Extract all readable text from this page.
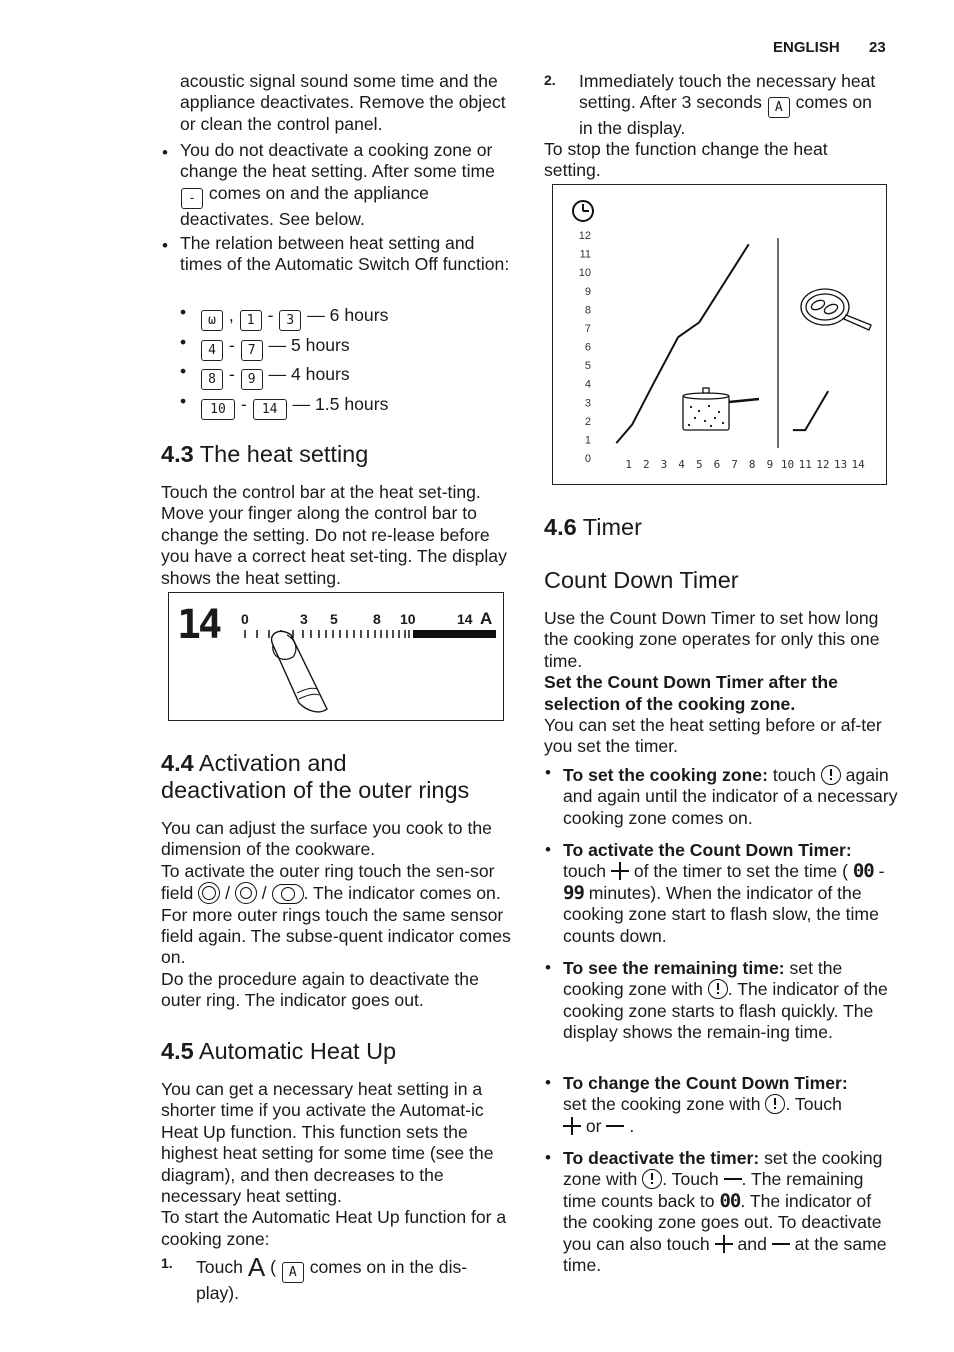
ENGLISH 23
acoustic signal sound some time and the appliance deactivates. Remove the object or clean the control panel.
• You do not deactivate a cooking zone or change the heat setting. After some time - comes on and the appliance deactivates. See below.
• The relation between heat setting and times of the Automatic Switch Off function:
•	ω , 1 - 3 — 6 hours
•	4 - 7 — 5 hours
•	8 - 9 — 4 hours
•	10 - 14 — 1.5 hours
4.3 The heat setting
Touch the control bar at the heat set-ting. Move your finger along the control bar to change the setting. Do not re-lease before you have a correct heat set-ting. The display shows the heat setting.
14 0	3 5	8 10	14 A
4.4 Activation and
deactivation of the outer rings
You can adjust the surface you cook to the dimension of the cookware.
To activate the outer ring touch the sen-sor field / / . The indicator comes on. For more outer rings touch the same sensor field again. The subse-quent indicator comes on.
Do the procedure again to deactivate the outer ring. The indicator goes out.
4.5 Automatic Heat Up
You can get a necessary heat setting in a shorter time if you activate the Automat-ic Heat Up function. This function sets the highest heat setting for some time (see the diagram), and then decreases to the necessary heat setting.
To start the Automatic Heat Up function for a cooking zone:
1. Touch A ( A comes on in the dis-play).
2. Immediately touch the necessary heat setting. After 3 seconds A comes on in the display.
To stop the function change the heat setting.
12
11
10
9
8
7
6
5
4
3
2
1
0	1 2 3 4 5 6 7 8 9 10 11 12 13 14
4.6 Timer
Count Down Timer
Use the Count Down Timer to set how long the cooking zone operates for only this one time.
Set the Count Down Timer after the selection of the cooking zone.
You can set the heat setting before or af-ter you set the timer.
• To set the cooking zone: touch again and again until the indicator of a necessary cooking zone comes on.
• To activate the Count Down Timer:
touch of the timer to set the time ( 00 - 99 minutes). When the indicator of the cooking zone start to flash slow, the time counts down.
• To see the remaining time: set the cooking zone with . The indicator of the cooking zone starts to flash quickly. The display shows the remain-ing time.
• To change the Count Down Timer:
set the cooking zone with . Touch
or .
• To deactivate the timer: set the cooking zone with . Touch . The remaining time counts back to 00. The indicator of the cooking zone goes out. To deactivate you can also touch and at the same time.
